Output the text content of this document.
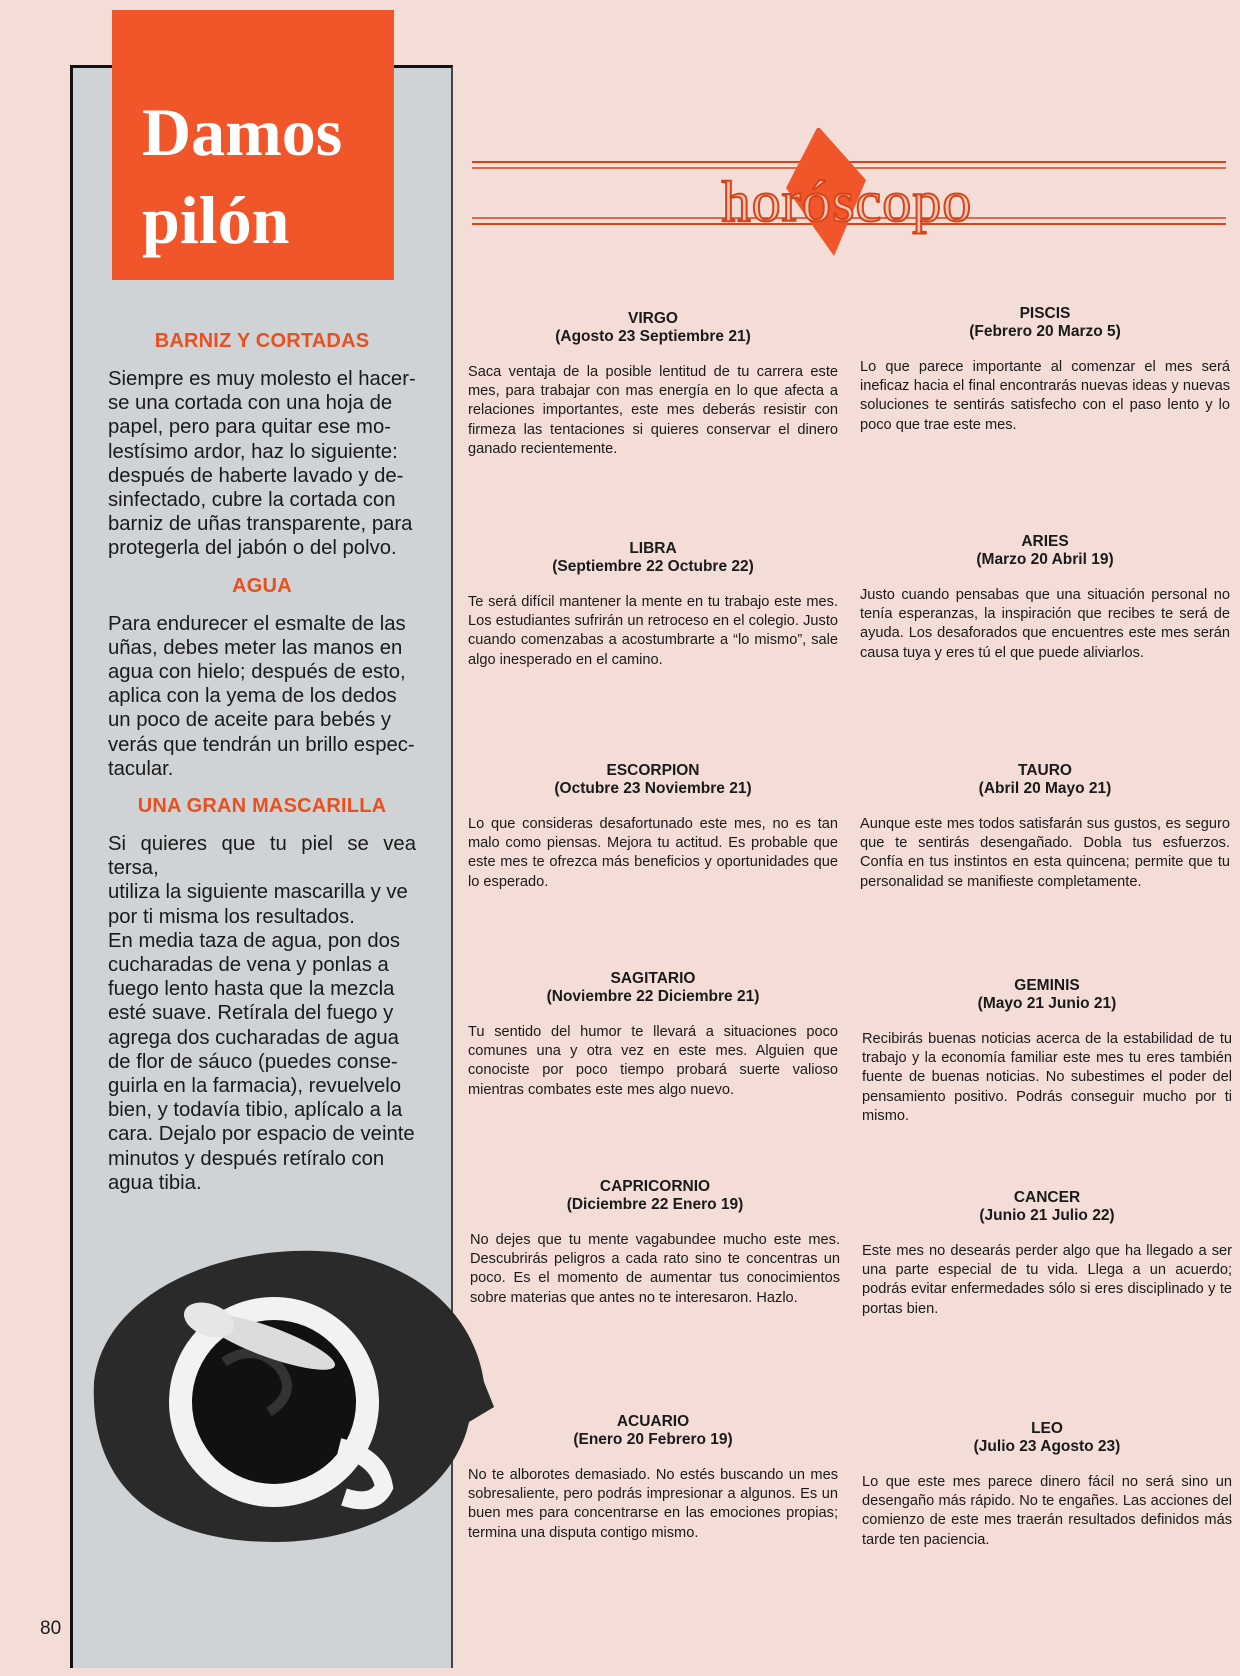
Damos
pilón
BARNIZ Y CORTADAS
Siempre es muy molesto el hacer-
se una cortada con una hoja de
papel, pero para quitar ese mo-
lestísimo ardor, haz lo siguiente:
después de haberte lavado y de-
sinfectado, cubre la cortada con
barniz de uñas transparente, para
protegerla del jabón o del polvo.
AGUA
Para endurecer el esmalte de las
uñas, debes meter las manos en
agua con hielo; después de esto,
aplica con la yema de los dedos
un poco de aceite para bebés y
verás que tendrán un brillo espec-
tacular.
UNA GRAN MASCARILLA
Si quieres que tu piel se vea tersa,
utiliza la siguiente mascarilla y ve
por ti misma los resultados.
En media taza de agua, pon dos
cucharadas de vena y ponlas a
fuego lento hasta que la mezcla
esté suave. Retírala del fuego y
agrega dos cucharadas de agua
de flor de sáuco (puedes conse-
guirla en la farmacia), revuelvelo
bien, y todavía tibio, aplícalo a la
cara. Dejalo por espacio de veinte
minutos y después retíralo con
agua tibia.
horóscopo
VIRGO
(Agosto 23 Septiembre 21)
Saca ventaja de la posible lentitud de tu carrera este mes, para trabajar con mas energía en lo que afecta a relaciones importantes, este mes deberás resistir con firmeza las tentaciones si quieres conservar el dinero ganado recientemente.
PISCIS
(Febrero 20 Marzo 5)
Lo que parece importante al comenzar el mes será ineficaz hacia el final encontrarás nuevas ideas y nuevas soluciones te sentirás satisfecho con el paso lento y lo poco que trae este mes.
LIBRA
(Septiembre 22 Octubre 22)
Te será difícil mantener la mente en tu trabajo este mes. Los estudiantes sufrirán un retroceso en el colegio. Justo cuando comenzabas a acostumbrarte a “lo mismo”, sale algo inesperado en el camino.
ARIES
(Marzo 20 Abril 19)
Justo cuando pensabas que una situación personal no tenía esperanzas, la inspiración que recibes te será de ayuda. Los desaforados que encuentres este mes serán causa tuya y eres tú el que puede aliviarlos.
ESCORPION
(Octubre 23 Noviembre 21)
Lo que consideras desafortunado este mes, no es tan malo como piensas. Mejora tu actitud. Es probable que este mes te ofrezca más beneficios y oportunidades que lo esperado.
TAURO
(Abril 20 Mayo 21)
Aunque este mes todos satisfarán sus gustos, es seguro que te sentirás desengañado. Dobla tus esfuerzos. Confía en tus instintos en esta quincena; permite que tu personalidad se manifieste completamente.
SAGITARIO
(Noviembre 22 Diciembre 21)
Tu sentido del humor te llevará a situaciones poco comunes una y otra vez en este mes. Alguien que conociste por poco tiempo probará suerte valioso mientras combates este mes algo nuevo.
GEMINIS
(Mayo 21 Junio 21)
Recibirás buenas noticias acerca de la estabilidad de tu trabajo y la economía familiar este mes tu eres también fuente de buenas noticias. No subestimes el poder del pensamiento positivo. Podrás conseguir mucho por ti mismo.
CAPRICORNIO
(Diciembre 22 Enero 19)
No dejes que tu mente vagabundee mucho este mes. Descubrirás peligros a cada rato sino te concentras un poco. Es el momento de aumentar tus conocimientos sobre materias que antes no te interesaron. Hazlo.
CANCER
(Junio 21 Julio 22)
Este mes no desearás perder algo que ha llegado a ser una parte especial de tu vida. Llega a un acuerdo; podrás evitar enfermedades sólo si eres disciplinado y te portas bien.
ACUARIO
(Enero 20 Febrero 19)
No te alborotes demasiado. No estés buscando un mes sobresaliente, pero podrás impresionar a algunos. Es un buen mes para concentrarse en las emociones propias; termina una disputa contigo mismo.
LEO
(Julio 23 Agosto 23)
Lo que este mes parece dinero fácil no será sino un desengaño más rápido. No te engañes. Las acciones del comienzo de este mes traerán resultados definidos más tarde ten paciencia.
80
